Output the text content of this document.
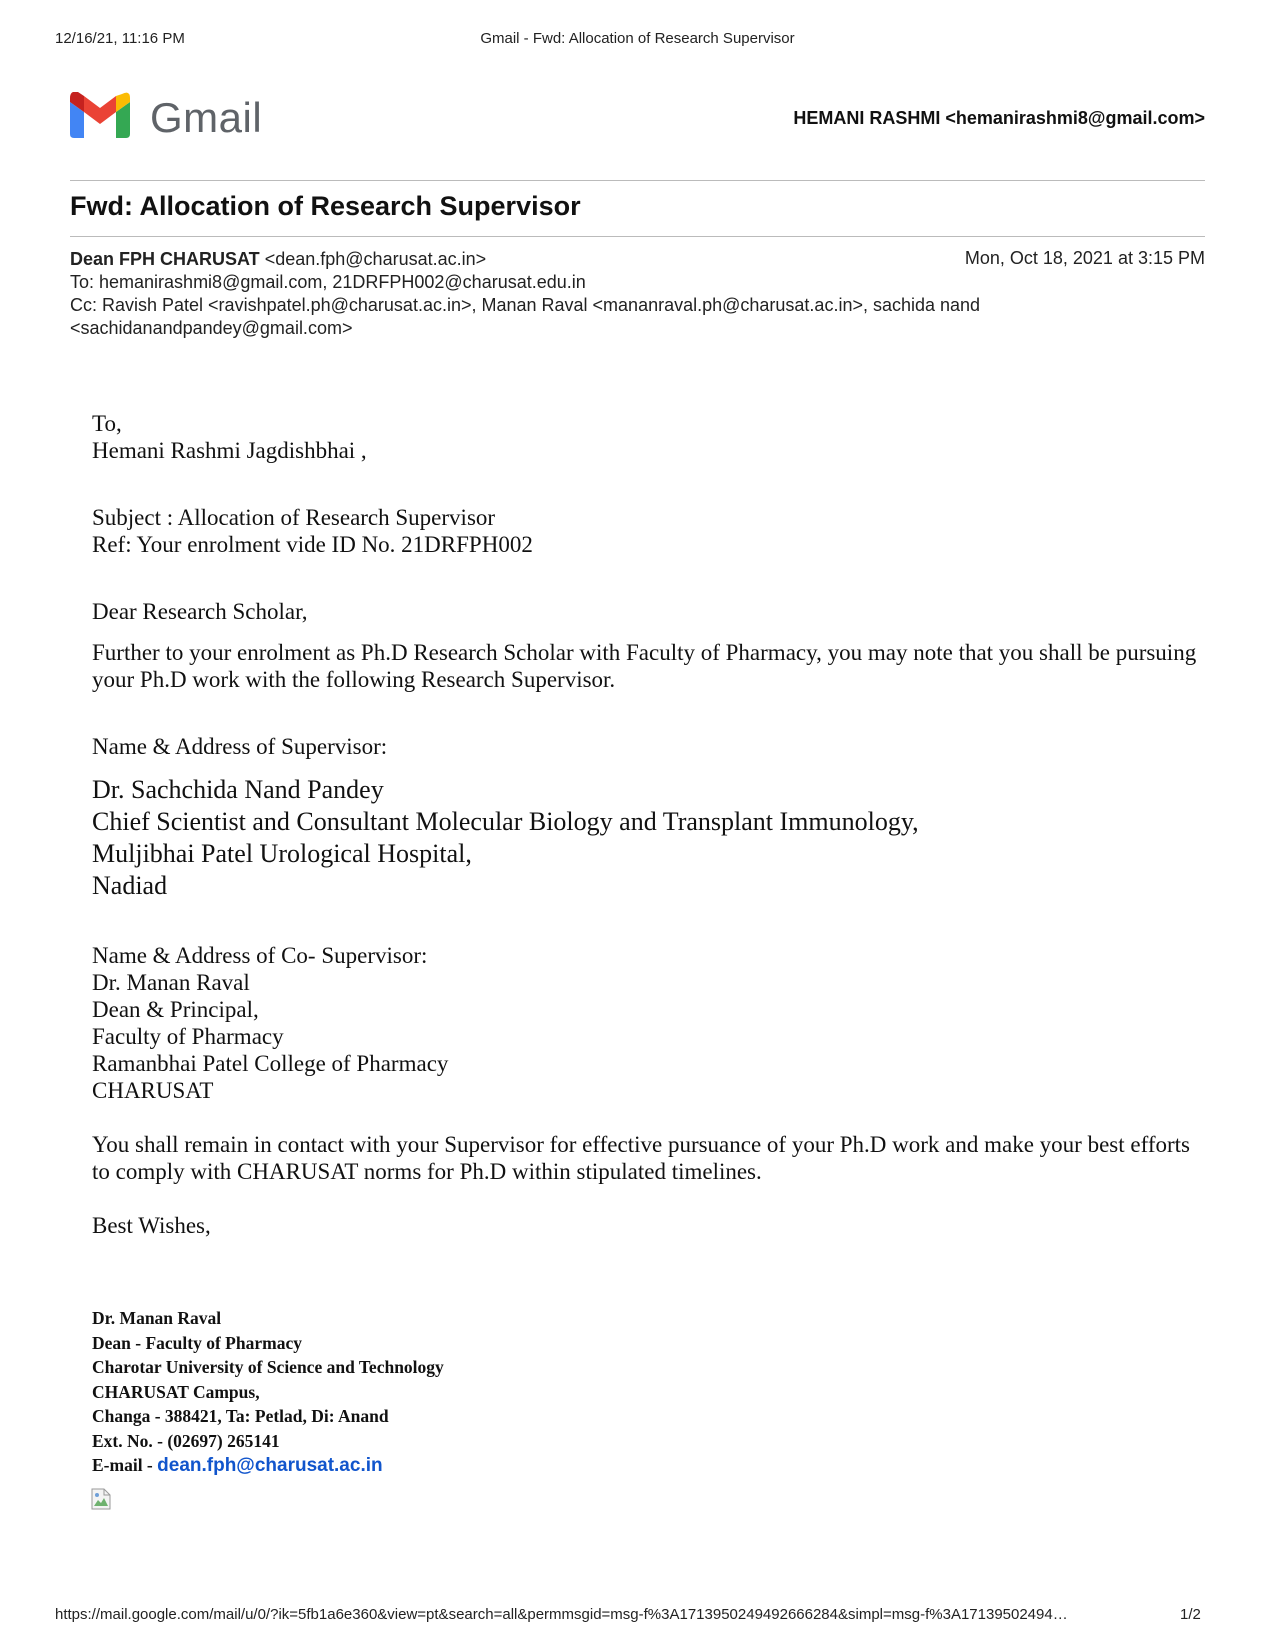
12/16/21, 11:16 PM	Gmail - Fwd: Allocation of Research Supervisor
Gmail	HEMANI RASHMI <hemanirashmi8@gmail.com>
Fwd: Allocation of Research Supervisor
Dean FPH CHARUSAT <dean.fph@charusat.ac.in>	Mon, Oct 18, 2021 at 3:15 PM
To: hemanirashmi8@gmail.com, 21DRFPH002@charusat.edu.in
Cc: Ravish Patel <ravishpatel.ph@charusat.ac.in>, Manan Raval <mananraval.ph@charusat.ac.in>, sachida nand
<sachidanandpandey@gmail.com>

To,

Hemani Rashmi Jagdishbhai ,

Subject : Allocation of Research Supervisor

Ref: Your enrolment vide ID No. 21DRFPH002

Dear Research Scholar,

Further to your enrolment as Ph.D Research Scholar with Faculty of Pharmacy, you may note that you shall be pursuing your Ph.D work with the following Research Supervisor.

Name & Address of Supervisor:

Dr. Sachchida Nand Pandey

Chief Scientist and Consultant Molecular Biology and Transplant Immunology,

Muljibhai Patel Urological Hospital,

Nadiad

Name & Address of Co- Supervisor:

Dr. Manan Raval

Dean & Principal,

Faculty of Pharmacy

Ramanbhai Patel College of Pharmacy

CHARUSAT

You shall remain in contact with your Supervisor for effective pursuance of your Ph.D work and make your best efforts to comply with CHARUSAT norms for Ph.D within stipulated timelines.

Best Wishes,

Dr. Manan Raval
Dean - Faculty of Pharmacy
Charotar University of Science and Technology
CHARUSAT Campus,
Changa - 388421, Ta: Petlad, Di: Anand
Ext. No. - (02697) 265141
E-mail - dean.fph@charusat.ac.in
https://mail.google.com/mail/u/0/?ik=5fb1a6e360&view=pt&search=all&permmsgid=msg-f%3A1713950249492666284&simpl=msg-f%3A17139502494…	1/2
